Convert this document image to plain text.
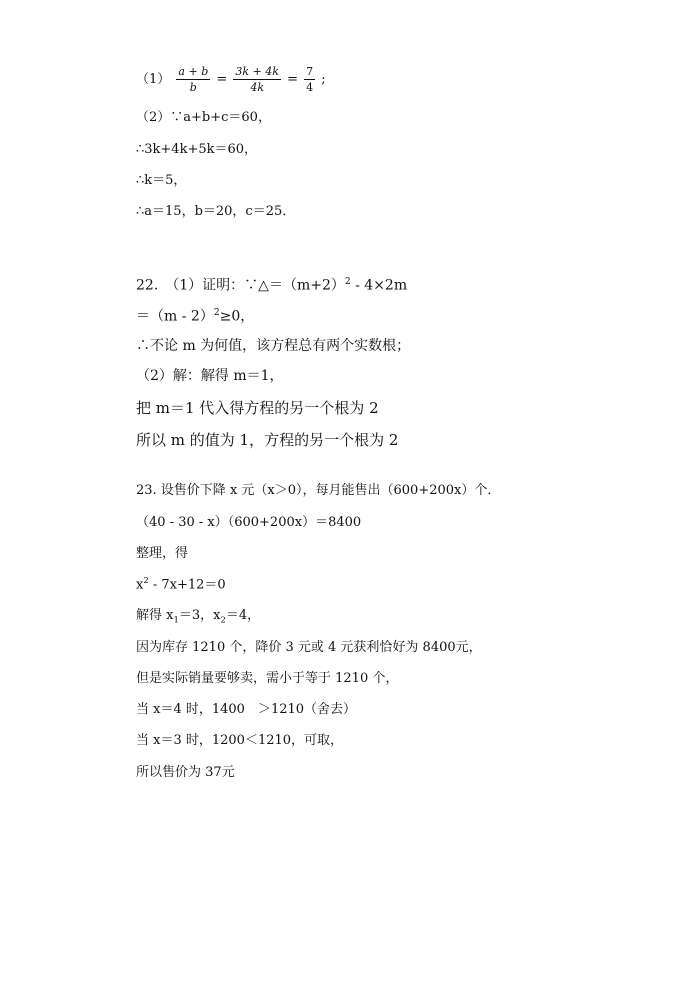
$(1) \frac{a + b}{b} = \frac{3k + 4k}{4k} = \frac{7}{4}$ ;
（2）∵a+b+c＝60，
∴3k+4k+5k＝60，
∴k＝5，
∴a＝15，b＝20，c＝25．
22.　（1）证明：$\because\triangle=(m+2)^2 - 4\times 2m$
＝（m - 2）$^2$≥0，
∴不论 m 为何值，该方程总有两个实数根；
（2）解：解得 m＝1，
把 m＝1 代入得方程的另一个根为 2
所以 m 的值为 1，方程的另一个根为 2
23. 设售价下降 x 元（x＞0），每月能售出（600+200x）个．
（40 - 30 - x）（600+200x）＝8400
整理，得
$x^2 - 7x+12=0$
解得 $x_1=3$，$x_2=4$，
因为库存 1210 个，降价 3 元或 4 元获利恰好为 8400元，
但是实际销量要够卖，需小于等于 1210 个，
当 x＝4 时，1400　＞1210（舍去）
当 x＝3 时，1200＜1210，可取，
所以售价为 37元
